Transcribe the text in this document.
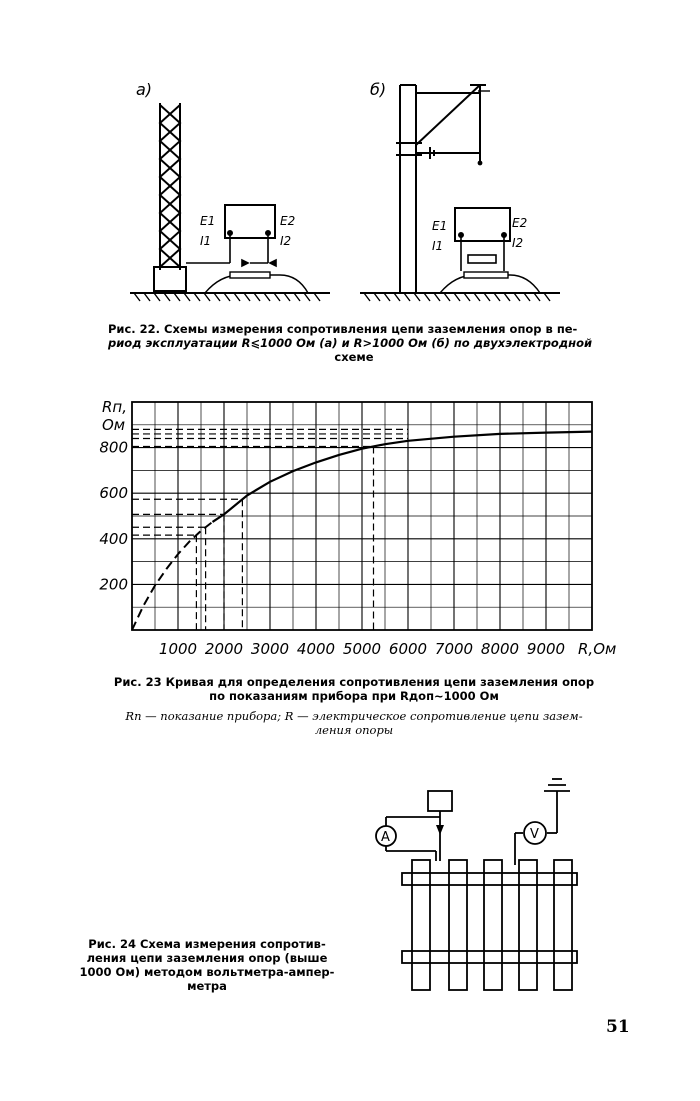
а)
E1
I1
E2
I2
б)
E1
I1
E2
I2
Рис. 22. Схемы измерения сопротивления цепи заземления опор в пе-
риод эксплуатации R⩽1000 Ом (а) и R>1000 Ом (б) по двухэлектродной
схеме
Rп,
Ом
1000 2000 3000 4000 5000 6000 7000 8000 9000 R,Ом
200
400
600
800
Рис. 23 Кривая для определения сопротивления цепи заземления опор
по показаниям прибора при Rдоп~1000 Ом
Rп — показание прибора; R — электрическое сопротивление цепи зазем-
ления опоры
A	V
Рис. 24 Схема измерения сопротив-
ления цепи заземления опор (выше
1000 Ом) методом вольтметра-ампер-
метра
51
